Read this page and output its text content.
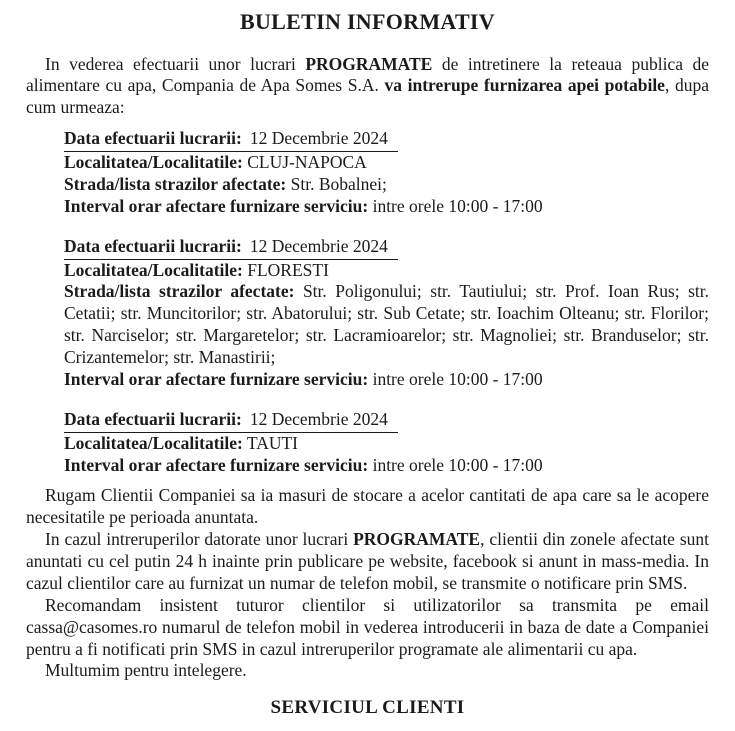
BULETIN INFORMATIV

In vederea efectuarii unor lucrari PROGRAMATE de intretinere la reteaua publica de alimentare cu apa, Compania de Apa Somes S.A. va intrerupe furnizarea apei potabile, dupa cum urmeaza:

Data efectuarii lucrarii: 12 Decembrie 2024
Localitatea/Localitatile: CLUJ-NAPOCA
Strada/lista strazilor afectate: Str. Bobalnei;
Interval orar afectare furnizare serviciu: intre orele 10:00 - 17:00
Data efectuarii lucrarii: 12 Decembrie 2024
Localitatea/Localitatile: FLORESTI
Strada/lista strazilor afectate: Str. Poligonului; str. Tautiului; str. Prof. Ioan Rus; str. Cetatii; str. Muncitorilor; str. Abatorului; str. Sub Cetate; str. Ioachim Olteanu; str. Florilor; str. Narciselor; str. Margaretelor; str. Lacramioarelor; str. Magnoliei; str. Branduselor; str. Crizantemelor; str. Manastirii;
Interval orar afectare furnizare serviciu: intre orele 10:00 - 17:00
Data efectuarii lucrarii: 12 Decembrie 2024
Localitatea/Localitatile: TAUTI
Interval orar afectare furnizare serviciu: intre orele 10:00 - 17:00

Rugam Clientii Companiei sa ia masuri de stocare a acelor cantitati de apa care sa le acopere necesitatile pe perioada anuntata.

In cazul intreruperilor datorate unor lucrari PROGRAMATE, clientii din zonele afectate sunt anuntati cu cel putin 24 h inainte prin publicare pe website, facebook si anunt in mass-media. In cazul clientilor care au furnizat un numar de telefon mobil, se transmite o notificare prin SMS.

Recomandam insistent tuturor clientilor si utilizatorilor sa transmita pe email cassa@casomes.ro numarul de telefon mobil in vederea introducerii in baza de date a Companiei pentru a fi notificati prin SMS in cazul intreruperilor programate ale alimentarii cu apa.

Multumim pentru intelegere.

SERVICIUL CLIENTI
